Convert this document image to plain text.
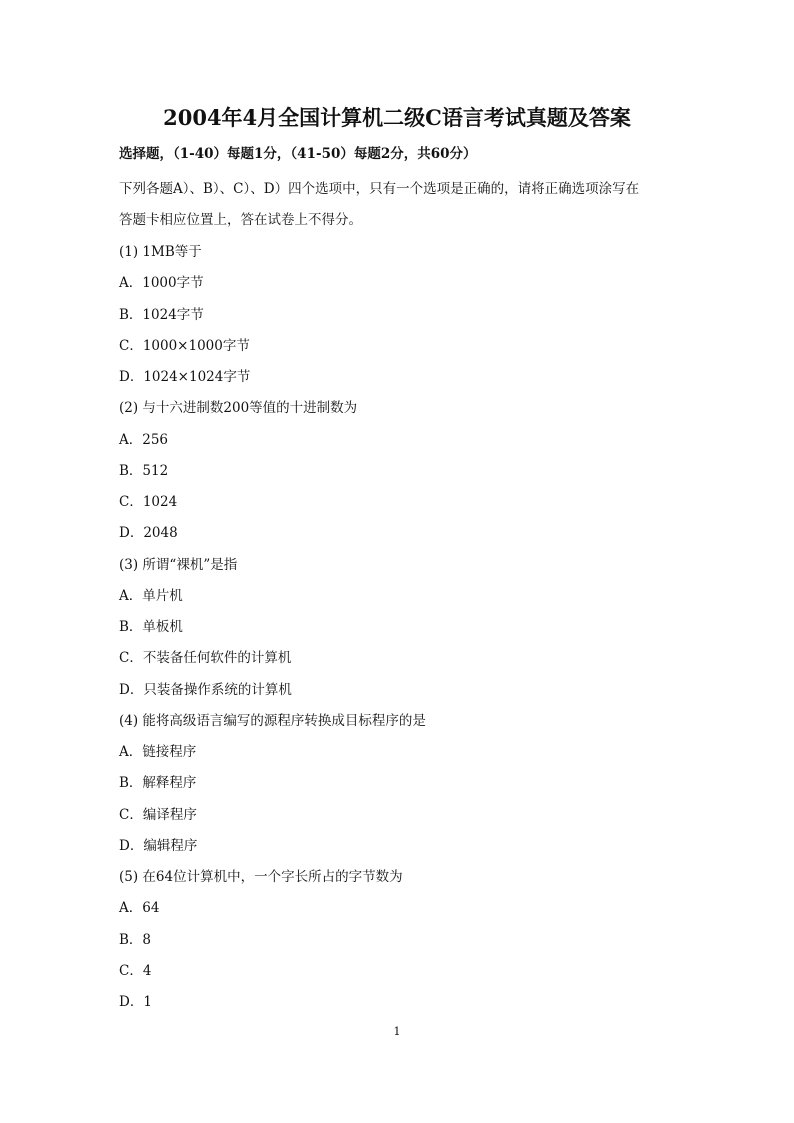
2004年4月全国计算机二级C语言考试真题及答案
选择题，（1-40）每题1分，（41-50）每题2分，共60分）
下列各题A）、B）、C）、D）四个选项中，只有一个选项是正确的，请将正确选项涂写在
答题卡相应位置上，答在试卷上不得分。
(1) 1MB等于
A．1000字节
B．1024字节
C．1000×1000字节
D．1024×1024字节
(2) 与十六进制数200等值的十进制数为
A．256
B．512
C．1024
D．2048
(3) 所谓“裸机”是指
A．单片机
B．单板机
C．不装备任何软件的计算机
D．只装备操作系统的计算机
(4) 能将高级语言编写的源程序转换成目标程序的是
A．链接程序
B．解释程序
C．编译程序
D．编辑程序
(5) 在64位计算机中，一个字长所占的字节数为
A．64
B．8
C．4
D．1
1
